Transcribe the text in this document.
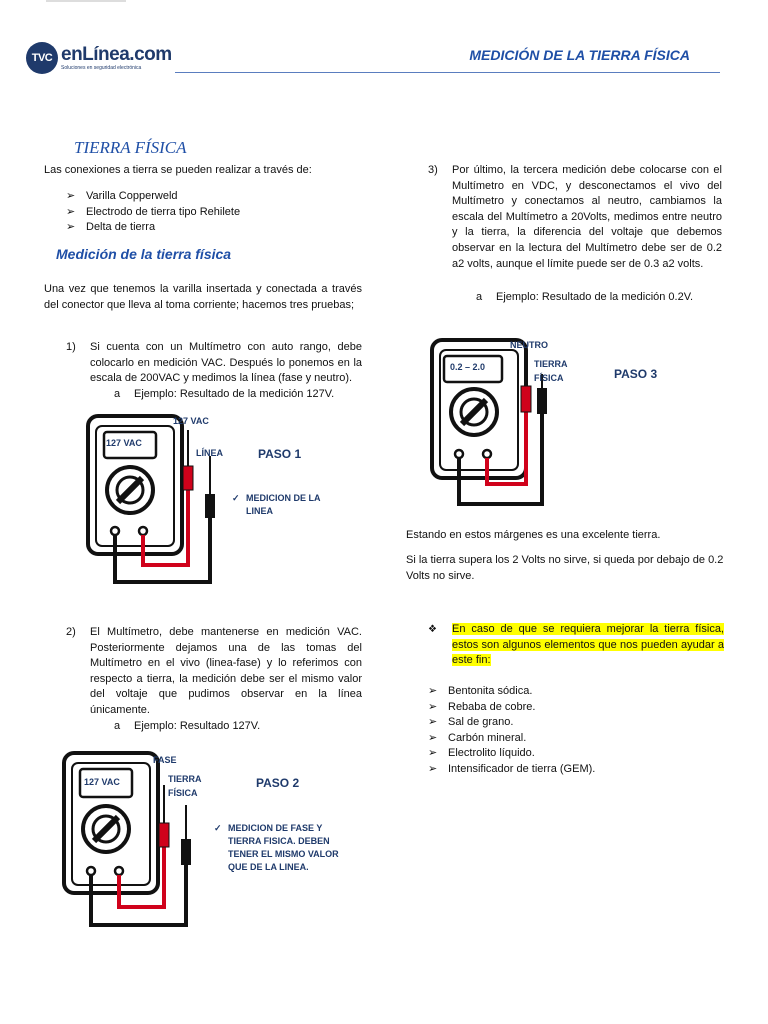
TVC enLínea.com
Soluciones en seguridad electrónica
MEDICIÓN DE LA TIERRA FÍSICA
TIERRA FÍSICA
Las conexiones a tierra se pueden realizar a través de:
➢ Varilla Copperweld
➢ Electrodo de tierra tipo Rehilete
➢ Delta de tierra
Medición de la tierra física
Una vez que tenemos la varilla insertada y conectada a través del conector que lleva al toma corriente; hacemos tres pruebas;
1) Si cuenta con un Multímetro con auto rango, debe colocarlo en medición VAC. Después lo ponemos en la escala de 200VAC y medimos la línea (fase y neutro).
a Ejemplo: Resultado de la medición 127V.
127 VAC
127 VAC
LÍNEA	PASO 1
✓ MEDICION DE LA LINEA
2) El Multímetro, debe mantenerse en medición VAC. Posteriormente dejamos una de las tomas del Multímetro en el vivo (linea-fase) y lo referimos con respecto a tierra, la medición debe ser el mismo valor del voltaje que pudimos observar en la línea únicamente.
a Ejemplo: Resultado 127V.
127 VAC
FASE
TIERRA FÍSICA
PASO 2
✓ MEDICION DE FASE Y TIERRA FISICA. DEBEN TENER EL MISMO VALOR QUE DE LA LINEA.
3) Por último, la tercera medición debe colocarse con el Multímetro en VDC, y desconectamos el vivo del Multímetro y conectamos al neutro, cambiamos la escala del Multímetro a 20Volts, medimos entre neutro y la tierra, la diferencia del voltaje que debemos observar en la lectura del Multímetro debe ser de 0.2 a2 volts, aunque el límite puede ser de 0.3 a2 volts.
a Ejemplo: Resultado de la medición 0.2V.
0.2 – 2.0
NEUTRO
TIERRA FÍSICA	PASO 3
Estando en estos márgenes es una excelente tierra.
Si la tierra supera los 2 Volts no sirve, si queda por debajo de 0.2 Volts no sirve.
❖ En caso de que se requiera mejorar la tierra física, estos son algunos elementos que nos pueden ayudar a este fin:
➢ Bentonita sódica.
➢ Rebaba de cobre.
➢ Sal de grano.
➢ Carbón mineral.
➢ Electrolito líquido.
➢ Intensificador de tierra (GEM).
